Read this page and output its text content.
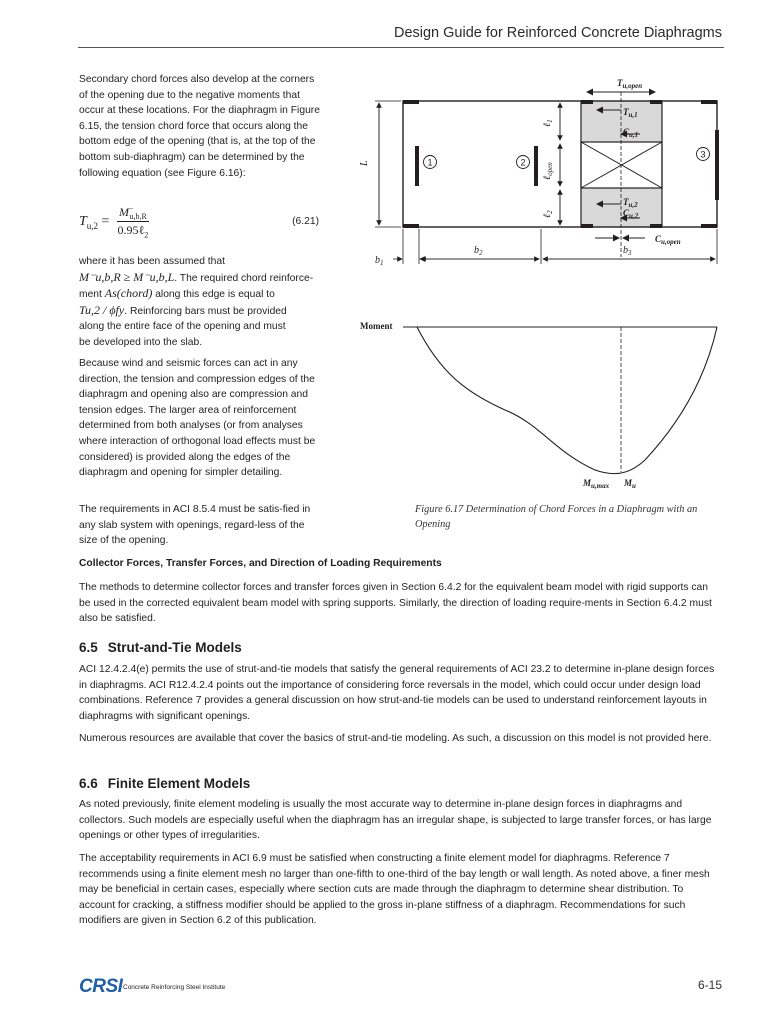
Design Guide for Reinforced Concrete Diaphragms

Secondary chord forces also develop at the corners of the opening due to the negative moments that occur at these locations. For the diaphragm in Figure 6.15, the tension chord force that occurs along the bottom edge of the opening (that is, at the top of the bottom sub-diaphragm) can be determined by the following equation (see Figure 6.16):

$T_{u,2}$ =
$M^-_{u,b,R}$
0.95ℓ$_2$
(6.21)
where it has been assumed that
M⁻u,b,R ≥ M⁻u,b,L. The required chord reinforce-
ment As(chord) along this edge is equal to
Tu,2 / ϕfy. Reinforcing bars must be provided
along the entire face of the opening and must
be developed into the slab.

Because wind and seismic forces can act in any direction, the tension and compression edges of the diaphragm and opening also are compression and tension edges. The larger area of reinforcement determined from both analyses (or from analyses where interaction of orthogonal load effects must be considered) is provided along the edges of the diaphragm and opening for simpler detailing.

The requirements in ACI 8.5.4 must be satis-fied in any slab system with openings, regard-less of the size of the opening.

$T_{u,open}$
$T_{u,1}$
$C_{u,1}$
$T_{u,2}$
$C_{u,2}$
$C_{u,open}$
L
ℓ$_1$
ℓ$_{open}$
ℓ$_2$
$b_1$
$b_2$	$b_3$
1	2
3
Moment
$M_{u,max}$ $M_u$
Figure 6.17 Determination of Chord Forces in a Diaphragm with an Opening
Collector Forces, Transfer Forces, and Direction of Loading Requirements

The methods to determine collector forces and transfer forces given in Section 6.4.2 for the equivalent beam model with rigid supports can be used in the corrected equivalent beam model with spring supports. Similarly, the direction of loading require-ments in Section 6.4.2 must also be satisfied.

6.5 Strut-and-Tie Models

ACI 12.4.2.4(e) permits the use of strut-and-tie models that satisfy the general requirements of ACI 23.2 to determine in-plane design forces in diaphragms. ACI R12.4.2.4 points out the importance of considering force reversals in the model, which could occur under design load combinations. Reference 7 provides a general discussion on how strut-and-tie models can be used to understand reinforcement layouts in diaphragms with significant openings.

Numerous resources are available that cover the basics of strut-and-tie modeling. As such, a discussion on this model is not provided here.

6.6 Finite Element Models

As noted previously, finite element modeling is usually the most accurate way to determine in-plane design forces in diaphragms and collectors. Such models are especially useful when the diaphragm has an irregular shape, is subjected to large transfer forces, or has large openings or other types of irregularities.

The acceptability requirements in ACI 6.9 must be satisfied when constructing a finite element model for diaphragms. Reference 7 recommends using a finite element mesh no larger than one-fifth to one-third of the bay length or wall length. As noted above, a finer mesh may be beneficial in certain cases, especially where section cuts are made through the diaphragm to determine shear distribution. To account for cracking, a stiffness modifier should be applied to the gross in-plane stiffness of a diaphragm. Recommendations for such modifiers are given in Section 6.2 of this publication.

CRSI Concrete Reinforcing Steel Institute	6-15
